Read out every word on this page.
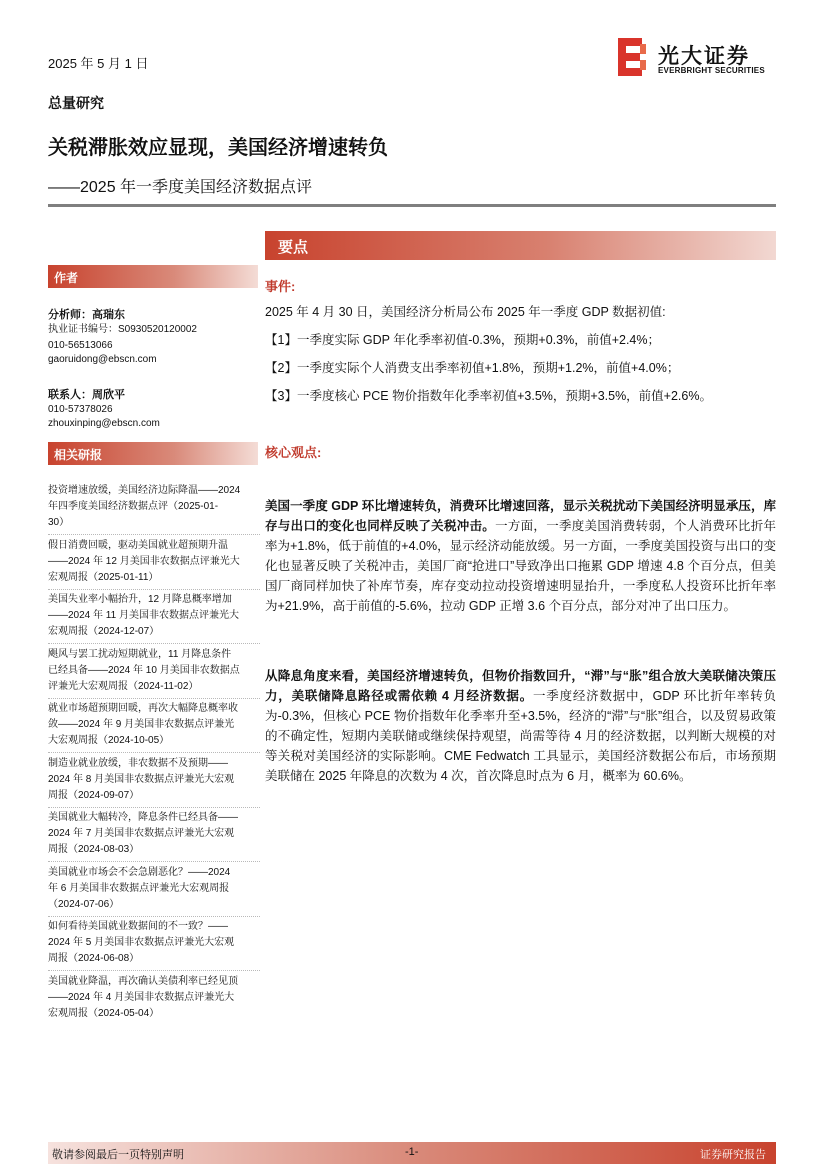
2025 年 5 月 1 日	光大证券
EVERBRIGHT SECURITIES
总量研究
关税滞胀效应显现，美国经济增速转负
——2025 年一季度美国经济数据点评
作者
分析师：高瑞东
执业证书编号：S0930520120002
010-56513066
gaoruidong@ebscn.com
联系人：周欣平
010-57378026
zhouxinping@ebscn.com
相关研报
投资增速放缓，美国经济边际降温——2024
年四季度美国经济数据点评（2025-01-
30）
假日消费回暖，驱动美国就业超预期升温
——2024 年 12 月美国非农数据点评兼光大
宏观周报（2025-01-11）
美国失业率小幅抬升，12 月降息概率增加
——2024 年 11 月美国非农数据点评兼光大
宏观周报（2024-12-07）
飓风与罢工扰动短期就业，11 月降息条件
已经具备——2024 年 10 月美国非农数据点
评兼光大宏观周报（2024-11-02）
就业市场超预期回暖，再次大幅降息概率收
敛——2024 年 9 月美国非农数据点评兼光
大宏观周报（2024-10-05）
制造业就业放缓，非农数据不及预期——
2024 年 8 月美国非农数据点评兼光大宏观
周报（2024-09-07）
美国就业大幅转冷，降息条件已经具备——
2024 年 7 月美国非农数据点评兼光大宏观
周报（2024-08-03）
美国就业市场会不会急剧恶化？——2024
年 6 月美国非农数据点评兼光大宏观周报
（2024-07-06）
如何看待美国就业数据间的不一致？——
2024 年 5 月美国非农数据点评兼光大宏观
周报（2024-06-08）
美国就业降温，再次确认美债利率已经见顶
——2024 年 4 月美国非农数据点评兼光大
宏观周报（2024-05-04）
要点
事件:
2025 年 4 月 30 日，美国经济分析局公布 2025 年一季度 GDP 数据初值:
【1】一季度实际 GDP 年化季率初值-0.3%，预期+0.3%，前值+2.4%；
【2】一季度实际个人消费支出季率初值+1.8%，预期+1.2%，前值+4.0%；
【3】一季度核心 PCE 物价指数年化季率初值+3.5%，预期+3.5%，前值+2.6%。
核心观点:
美国一季度 GDP 环比增速转负，消费环比增速回落，显示关税扰动下美国经济明显承压，库存与出口的变化也同样反映了关税冲击。一方面，一季度美国消费转弱，个人消费环比折年率为+1.8%，低于前值的+4.0%，显示经济动能放缓。另一方面，一季度美国投资与出口的变化也显著反映了关税冲击，美国厂商“抢进口”导致净出口拖累 GDP 增速 4.8 个百分点，但美国厂商同样加快了补库节奏，库存变动拉动投资增速明显抬升，一季度私人投资环比折年率为+21.9%，高于前值的-5.6%，拉动 GDP 正增 3.6 个百分点，部分对冲了出口压力。
从降息角度来看，美国经济增速转负，但物价指数回升，“滞”与“胀”组合放大美联储决策压力，美联储降息路径或需依赖 4 月经济数据。一季度经济数据中，GDP 环比折年率转负为-0.3%，但核心 PCE 物价指数年化季率升至+3.5%，经济的“滞”与“胀”组合，以及贸易政策的不确定性，短期内美联储或继续保持观望，尚需等待 4 月的经济数据，以判断大规模的对等关税对美国经济的实际影响。CME Fedwatch 工具显示，美国经济数据公布后，市场预期美联储在 2025 年降息的次数为 4 次，首次降息时点为 6 月，概率为 60.6%。
敬请参阅最后一页特别声明	-1-	证券研究报告
